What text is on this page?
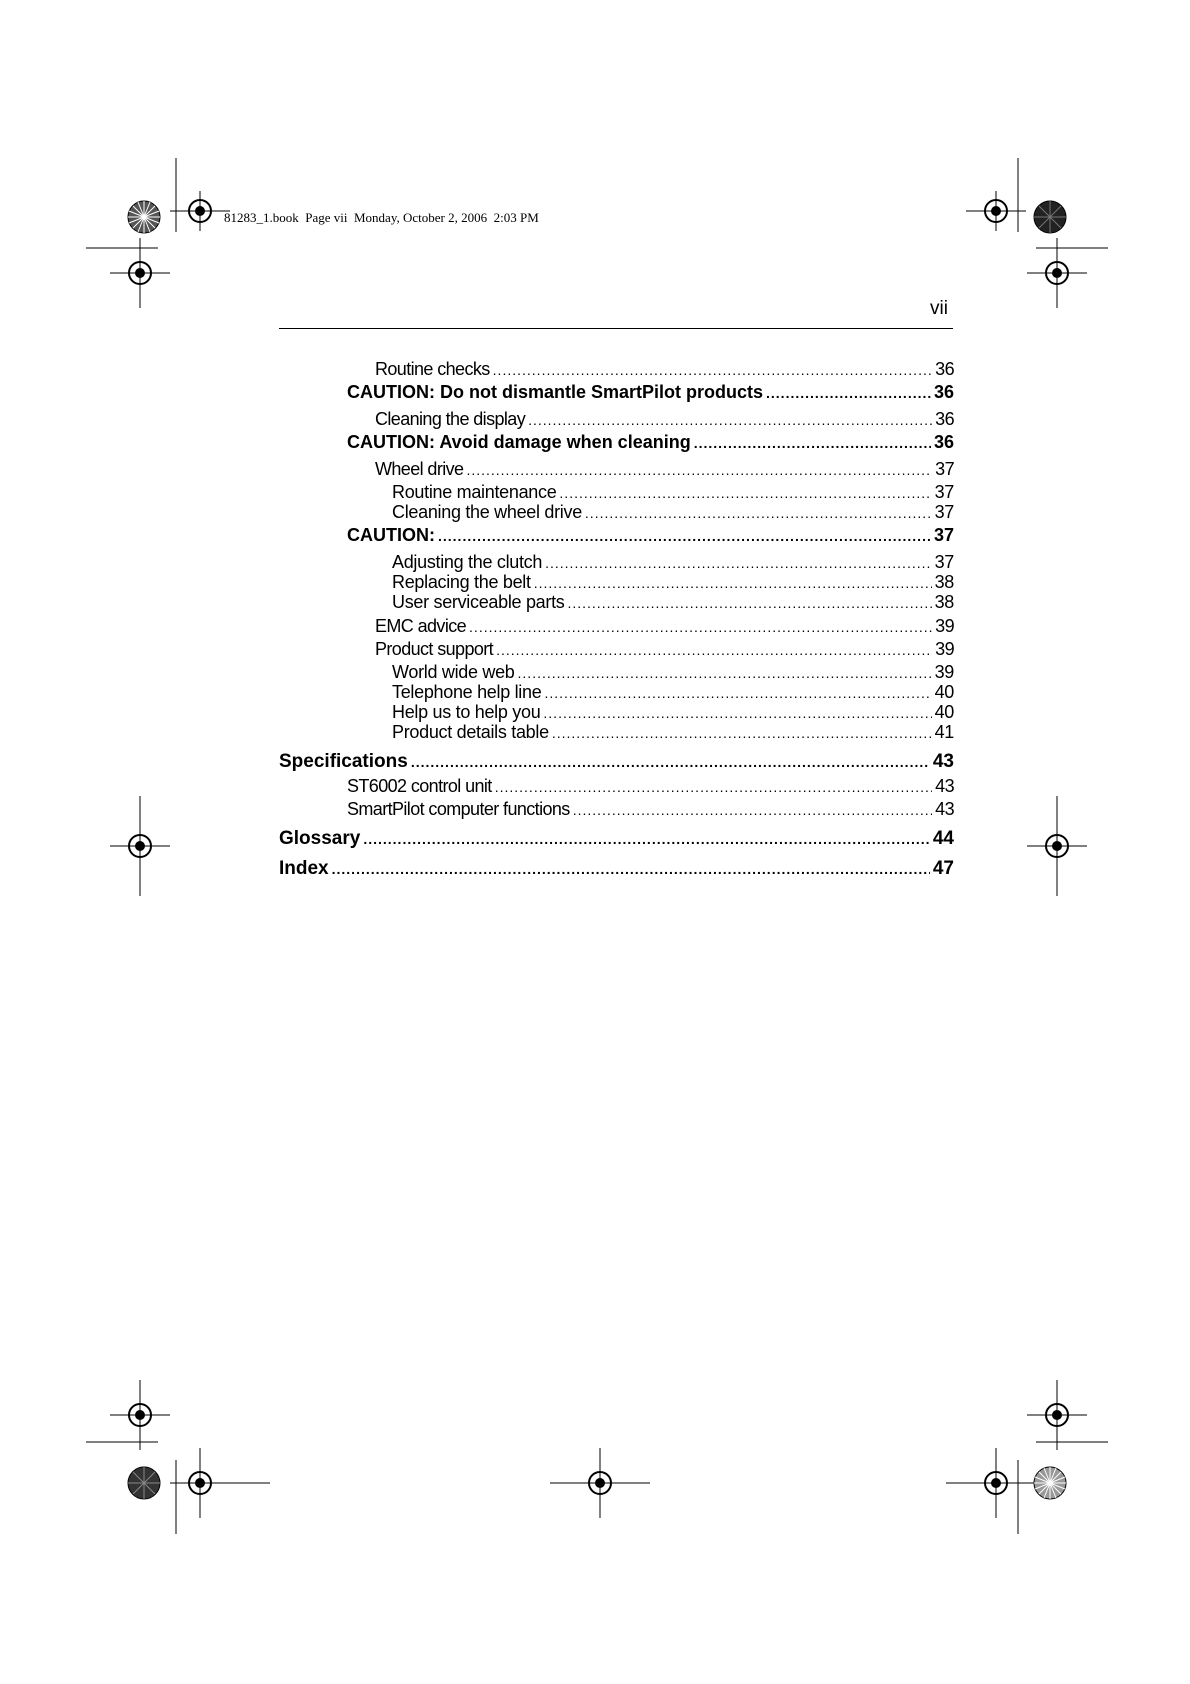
81283_1.book  Page vii  Monday, October 2, 2006  2:03 PM
vii
Routine checks .....	36
CAUTION: Do not dismantle SmartPilot products .....	36
Cleaning the display .....	36
CAUTION: Avoid damage when cleaning .....	36
Wheel drive .....	37
Routine maintenance .....	37
Cleaning the wheel drive .....	37
CAUTION: .....	37
Adjusting the clutch .....	37
Replacing the belt .....	38
User serviceable parts .....	38
EMC advice .....	39
Product support .....	39
World wide web .....	39
Telephone help line .....	40
Help us to help you .....	40
Product details table .....	41
Specifications .....	43
ST6002 control unit .....	43
SmartPilot computer functions .....	43
Glossary .....	44
Index .....	47
